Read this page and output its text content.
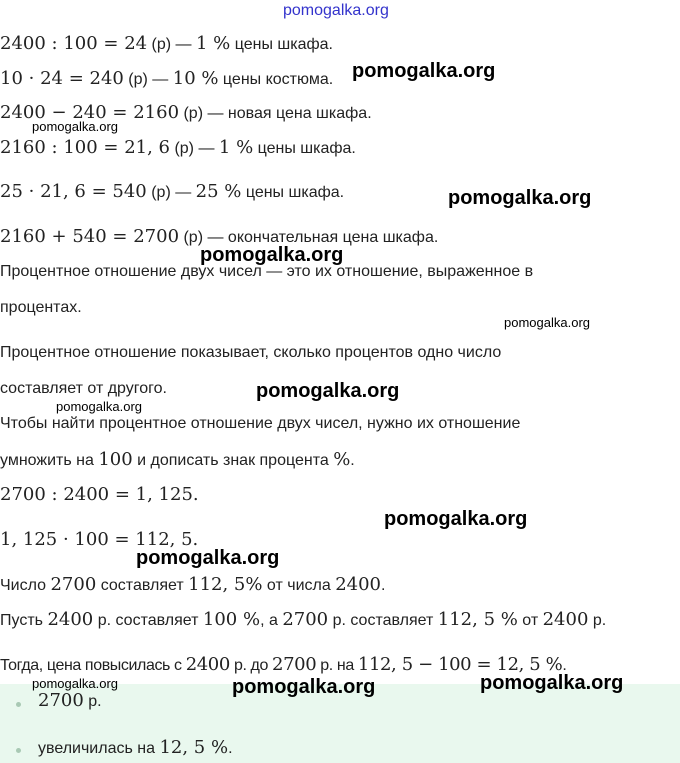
pomogalka.org
pomogalka.org
pomogalka.org
pomogalka.org
pomogalka.org
pomogalka.org
pomogalka.org
pomogalka.org
pomogalka.org
pomogalka.org
2400 : 100 = 24 (р) — 1 % цены шкафа.
10 · 24 = 240 (р) — 10 % цены костюма.
2400 − 240 = 2160 (р) — новая цена шкафа.
2160 : 100 = 21, 6 (р) — 1 % цены шкафа.
25 · 21, 6 = 540 (р) — 25 % цены шкафа.
2160 + 540 = 2700 (р) — окончательная цена шкафа.
Процентное отношение двух чисел — это их отношение, выраженное в
процентах.
Процентное отношение показывает, сколько процентов одно число
составляет от другого.
Чтобы найти процентное отношение двух чисел, нужно их отношение
умножить на 100 и дописать знак процента %.
2700 : 2400 = 1, 125.
1, 125 · 100 = 112, 5.
Число 2700 составляет 112, 5% от числа 2400.
Пусть 2400 р. составляет 100 %, а 2700 р. составляет 112, 5 % от 2400 р.
Тогда, цена повысилась с 2400 р. до 2700 р. на 112, 5 − 100 = 12, 5 %.
2700 р.
увеличилась на 12, 5 %.
pomogalka.org	pomogalka.org	pomogalka.org
